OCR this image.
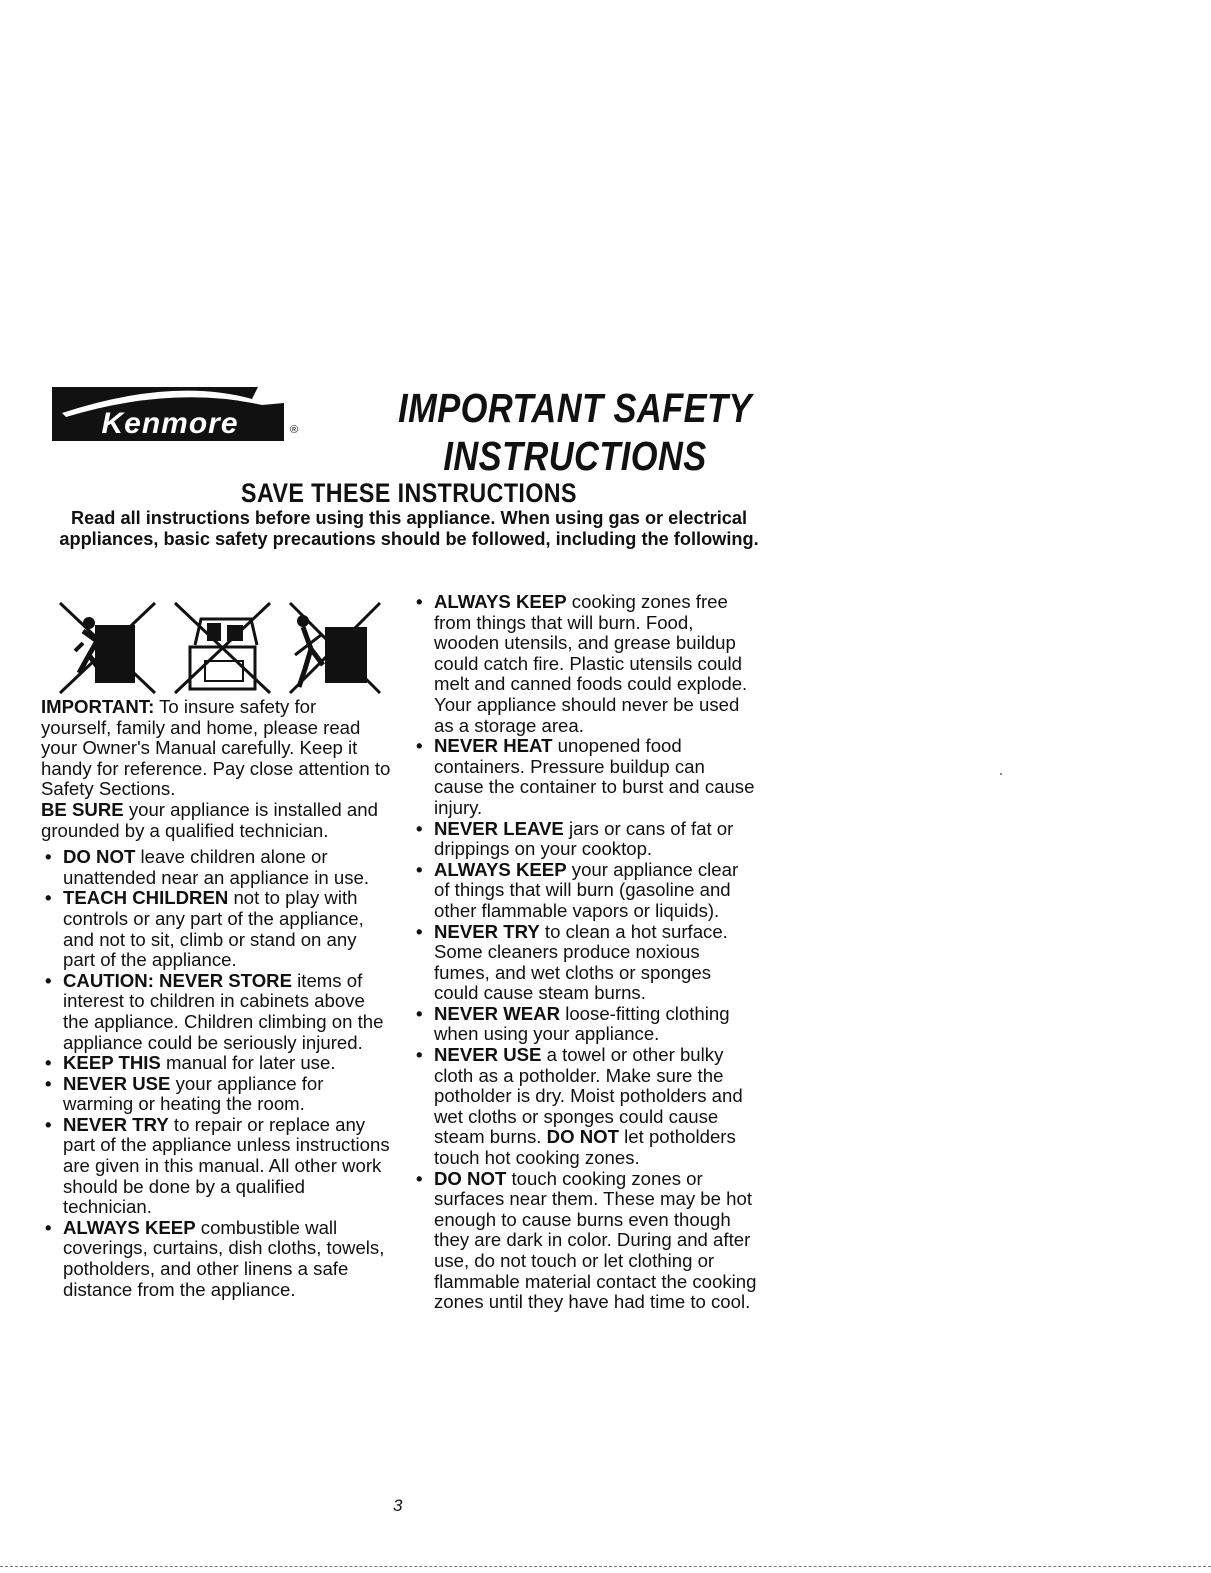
Kenmore	® IMPORTANT SAFETY
INSTRUCTIONS
SAVE THESE INSTRUCTIONS
Read all instructions before using this appliance. When using gas or electrical appliances, basic safety precautions should be followed, including the following.

IMPORTANT: To insure safety for yourself, family and home, please read your Owner's Manual carefully. Keep it handy for reference. Pay close attention to Safety Sections.

BE SURE your appliance is installed and grounded by a qualified technician.

• DO NOT leave children alone or unattended near an appliance in use.

• TEACH CHILDREN not to play with controls or any part of the appliance, and not to sit, climb or stand on any part of the appliance.

• CAUTION: NEVER STORE items of interest to children in cabinets above the appliance. Children climbing on the appliance could be seriously injured.

• KEEP THIS manual for later use.

• NEVER USE your appliance for warming or heating the room.

• NEVER TRY to repair or replace any part of the appliance unless instructions are given in this manual. All other work should be done by a qualified technician.

• ALWAYS KEEP combustible wall coverings, curtains, dish cloths, towels, potholders, and other linens a safe distance from the appliance.

• ALWAYS KEEP cooking zones free from things that will burn. Food, wooden utensils, and grease buildup could catch fire. Plastic utensils could melt and canned foods could explode. Your appliance should never be used as a storage area.

• NEVER HEAT unopened food containers. Pressure buildup can cause the container to burst and cause injury.

• NEVER LEAVE jars or cans of fat or drippings on your cooktop.

• ALWAYS KEEP your appliance clear of things that will burn (gasoline and other flammable vapors or liquids).

• NEVER TRY to clean a hot surface. Some cleaners produce noxious fumes, and wet cloths or sponges could cause steam burns.

• NEVER WEAR loose-fitting clothing when using your appliance.

• NEVER USE a towel or other bulky cloth as a potholder. Make sure the potholder is dry. Moist potholders and wet cloths or sponges could cause steam burns. DO NOT let potholders touch hot cooking zones.

• DO NOT touch cooking zones or surfaces near them. These may be hot enough to cause burns even though they are dark in color. During and after use, do not touch or let clothing or flammable material contact the cooking zones until they have had time to cool.

3
